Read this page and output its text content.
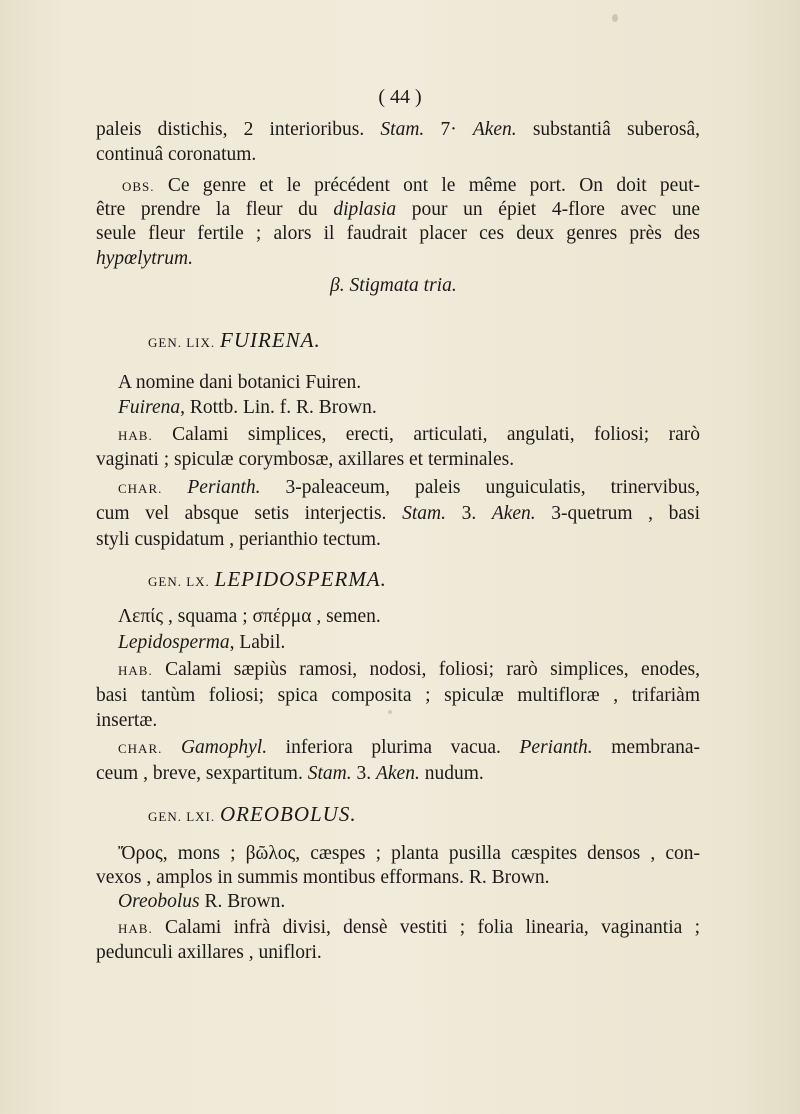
( 44 )
paleis distichis, 2 interioribus. Stam. 7· Aken. substantiâ suberosâ,
continuâ coronatum.
OBS. Ce genre et le précédent ont le même port. On doit peut-
être prendre la fleur du diplasia pour un épiet 4-flore avec une
seule fleur fertile ; alors il faudrait placer ces deux genres près des
hypœlytrum.
β. Stigmata tria.
GEN. LIX. FUIRENA.
A nomine dani botanici Fuiren.
Fuirena, Rottb. Lin. f. R. Brown.
HAB. Calami simplices, erecti, articulati, angulati, foliosi; rarò
vaginati ; spiculæ corymbosæ, axillares et terminales.
CHAR. Perianth. 3-paleaceum, paleis unguiculatis, trinervibus,
cum vel absque setis interjectis. Stam. 3. Aken. 3-quetrum , basi
styli cuspidatum , perianthio tectum.
GEN. LX. LEPIDOSPERMA.
Λεπίς , squama ; σπέρμα , semen.
Lepidosperma, Labil.
HAB. Calami sæpiùs ramosi, nodosi, foliosi; rarò simplices, enodes,
basi tantùm foliosi; spica composita ; spiculæ multifloræ , trifariàm
insertæ.
CHAR. Gamophyl. inferiora plurima vacua. Perianth. membrana-
ceum , breve, sexpartitum. Stam. 3. Aken. nudum.
GEN. LXI. OREOBOLUS.
Ὄρος, mons ; βῶλος, cæspes ; planta pusilla cæspites densos , con-
vexos , amplos in summis montibus efformans. R. Brown.
Oreobolus R. Brown.
HAB. Calami infrà divisi, densè vestiti ; folia linearia, vaginantia ;
pedunculi axillares , uniflori.
